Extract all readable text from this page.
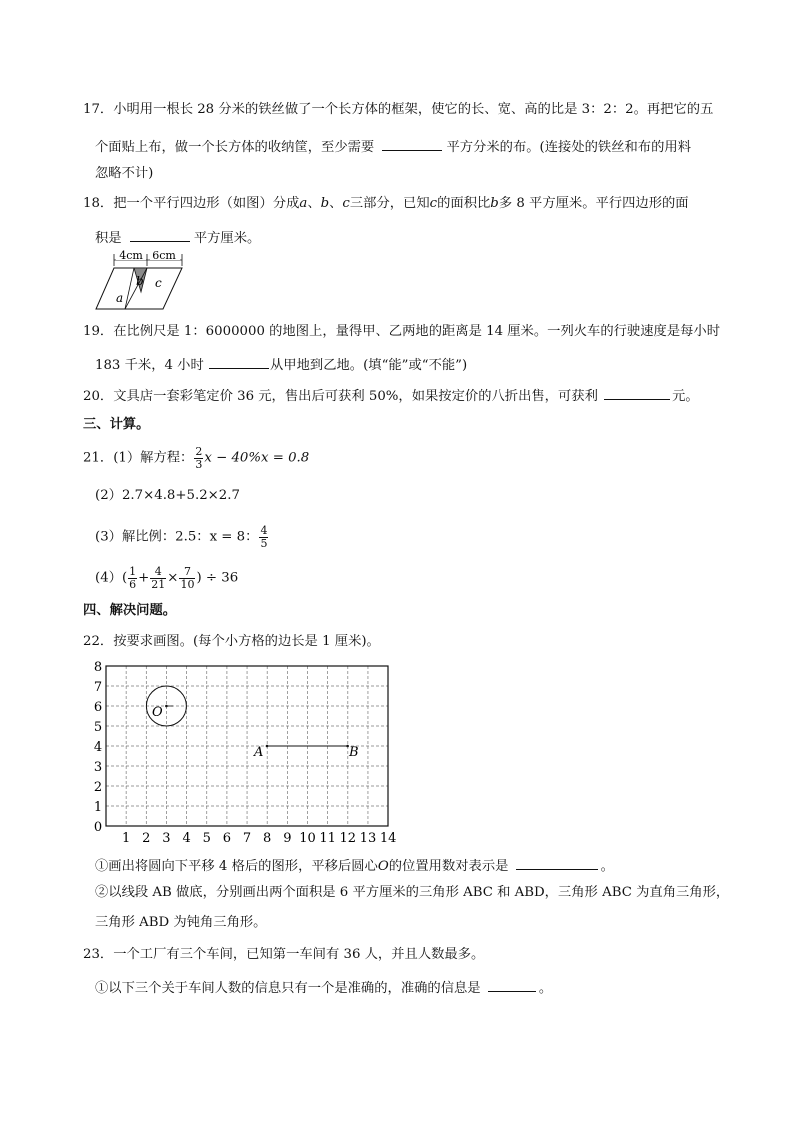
17．小明用一根长 28 分米的铁丝做了一个长方体的框架，使它的长、宽、高的比是 3：2：2。再把它的五
个面贴上布，做一个长方体的收纳筐，至少需要	平方分米的布。(连接处的铁丝和布的用料
忽略不计)
18．把一个平行四边形（如图）分成a、b、c三部分，已知c的面积比b多 8 平方厘米。平行四边形的面
积是	平方厘米。
4cm 6cm
b c
a
19．在比例尺是 1：6000000 的地图上，量得甲、乙两地的距离是 14 厘米。一列火车的行驶速度是每小时
183 千米，4 小时	从甲地到乙地。(填“能”或“不能”)
20．文具店一套彩笔定价 36 元，售出后可获利 50%，如果按定价的八折出售，可获利	元。
三、计算。
21．(1）解方程： $\frac{2}{3}$ x − 40%x = 0.8
(2）2.7×4.8+5.2×2.7
(3）解比例：2.5：x = 8： $\frac{4}{5}$
$(4)( \frac{1}{6} + \frac{4}{21} \times \frac{7}{10}$ ) ÷ 36
四、解决问题。
22．按要求画图。(每个小方格的边长是 1 厘米)。
1 2 3 4 5 6 7 8 9 10 11 12 13 14
0
1
2
3
4
5
6
7
8
O
A	B
①画出将圆向下平移 4 格后的图形，平移后圆心O的位置用数对表示是	。
②以线段 AB 做底，分别画出两个面积是 6 平方厘米的三角形 ABC 和 ABD，三角形 ABC 为直角三角形，
三角形 ABD 为钝角三角形。
23．一个工厂有三个车间，已知第一车间有 36 人，并且人数最多。
①以下三个关于车间人数的信息只有一个是准确的，准确的信息是	。
